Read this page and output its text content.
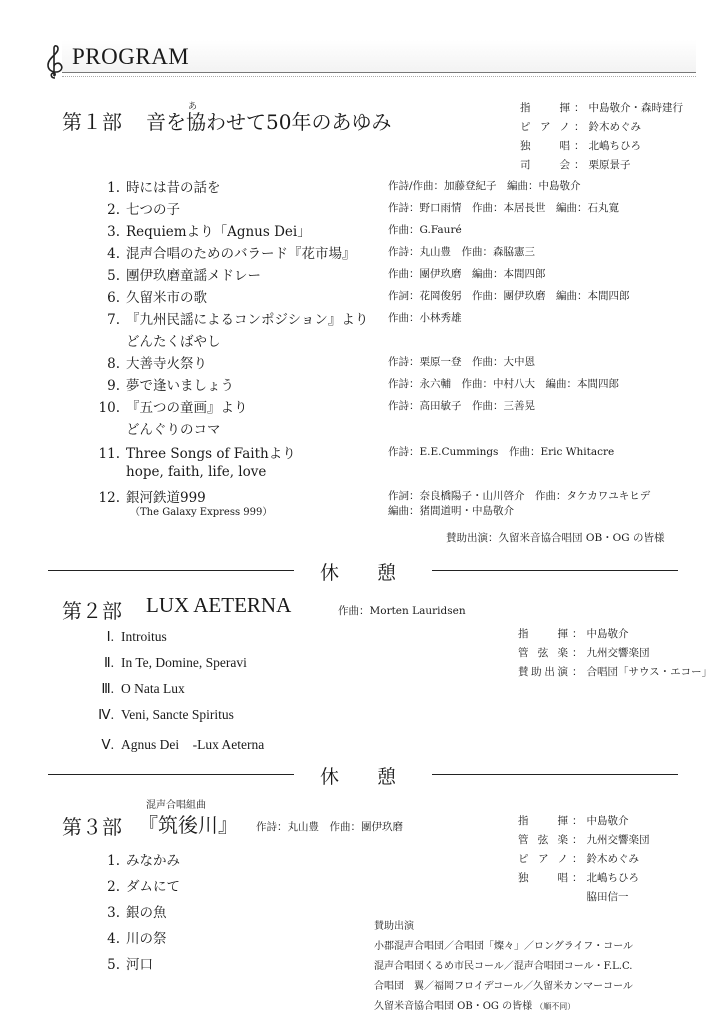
PROGRAM
第１部
あ
音を協わせて50年のあゆみ
指　揮 ： 中島敬介・森時建行
ピアノ ： 鈴木めぐみ
独　唱 ： 北嶋ちひろ
司　会 ： 栗原景子
1. 時には昔の話を	作詩/作曲：加藤登紀子　編曲：中島敬介
2. 七つの子	作詩：野口雨情　作曲：本居長世　編曲：石丸寛
3. Requiemより「Agnus Dei」	作曲：G.Fauré
4. 混声合唱のためのバラード『花市場』	作詩：丸山豊　作曲：森脇憲三
5. 團伊玖磨童謡メドレー	作曲：團伊玖磨　編曲：本間四郎
6. 久留米市の歌	作詞：花岡俊躬　作曲：團伊玖磨　編曲：本間四郎
7. 『九州民謡によるコンポジション』より
どんたくばやし
作曲：小林秀雄
8. 大善寺火祭り	作詩：栗原一登　作曲：大中恩
9. 夢で逢いましょう	作詩：永六輔　作曲：中村八大　編曲：本間四郎
10. 『五つの童画』より
どんぐりのコマ
作詩：高田敏子　作曲：三善晃
11. Three Songs of Faithより
hope, faith, life, love
作詩：E.E.Cummings　作曲：Eric Whitacre
12. 銀河鉄道999
（The Galaxy Express 999）
作詞：奈良橋陽子・山川啓介　作曲：タケカワユキヒデ
編曲：猪間道明・中島敬介
賛助出演：久留米音協合唱団 OB・OG の皆様
休　　憩
第２部 LUX AETERNA	作曲：Morten Lauridsen
指　揮 ： 中島敬介
管弦楽 ： 九州交響楽団
賛助出演 ： 合唱団「サウス・エコー」
Ⅰ. Introitus
Ⅱ. In Te, Domine, Speravi
Ⅲ. O Nata Lux
Ⅳ. Veni, Sancte Spiritus
Ⅴ. Agnus Dei　-Lux Aeterna
休　　憩
混声合唱組曲
第３部 『筑後川』 作詩：丸山豊　作曲：團伊玖磨	指　揮 ： 中島敬介
管弦楽 ： 九州交響楽団
ピアノ ： 鈴木めぐみ
独　唱 ： 北嶋ちひろ

脇田信一
1. みなかみ
2. ダムにて
3. 銀の魚
4. 川の祭
5. 河口
賛助出演
小郡混声合唱団／合唱団「燦々」／ロングライフ・コール
混声合唱団くるめ市民コール／混声合唱団コール・F.L.C.
合唱団　翼／福岡フロイデコール／久留米カンマーコール
久留米音協合唱団 OB・OG の皆様 （順不同）
